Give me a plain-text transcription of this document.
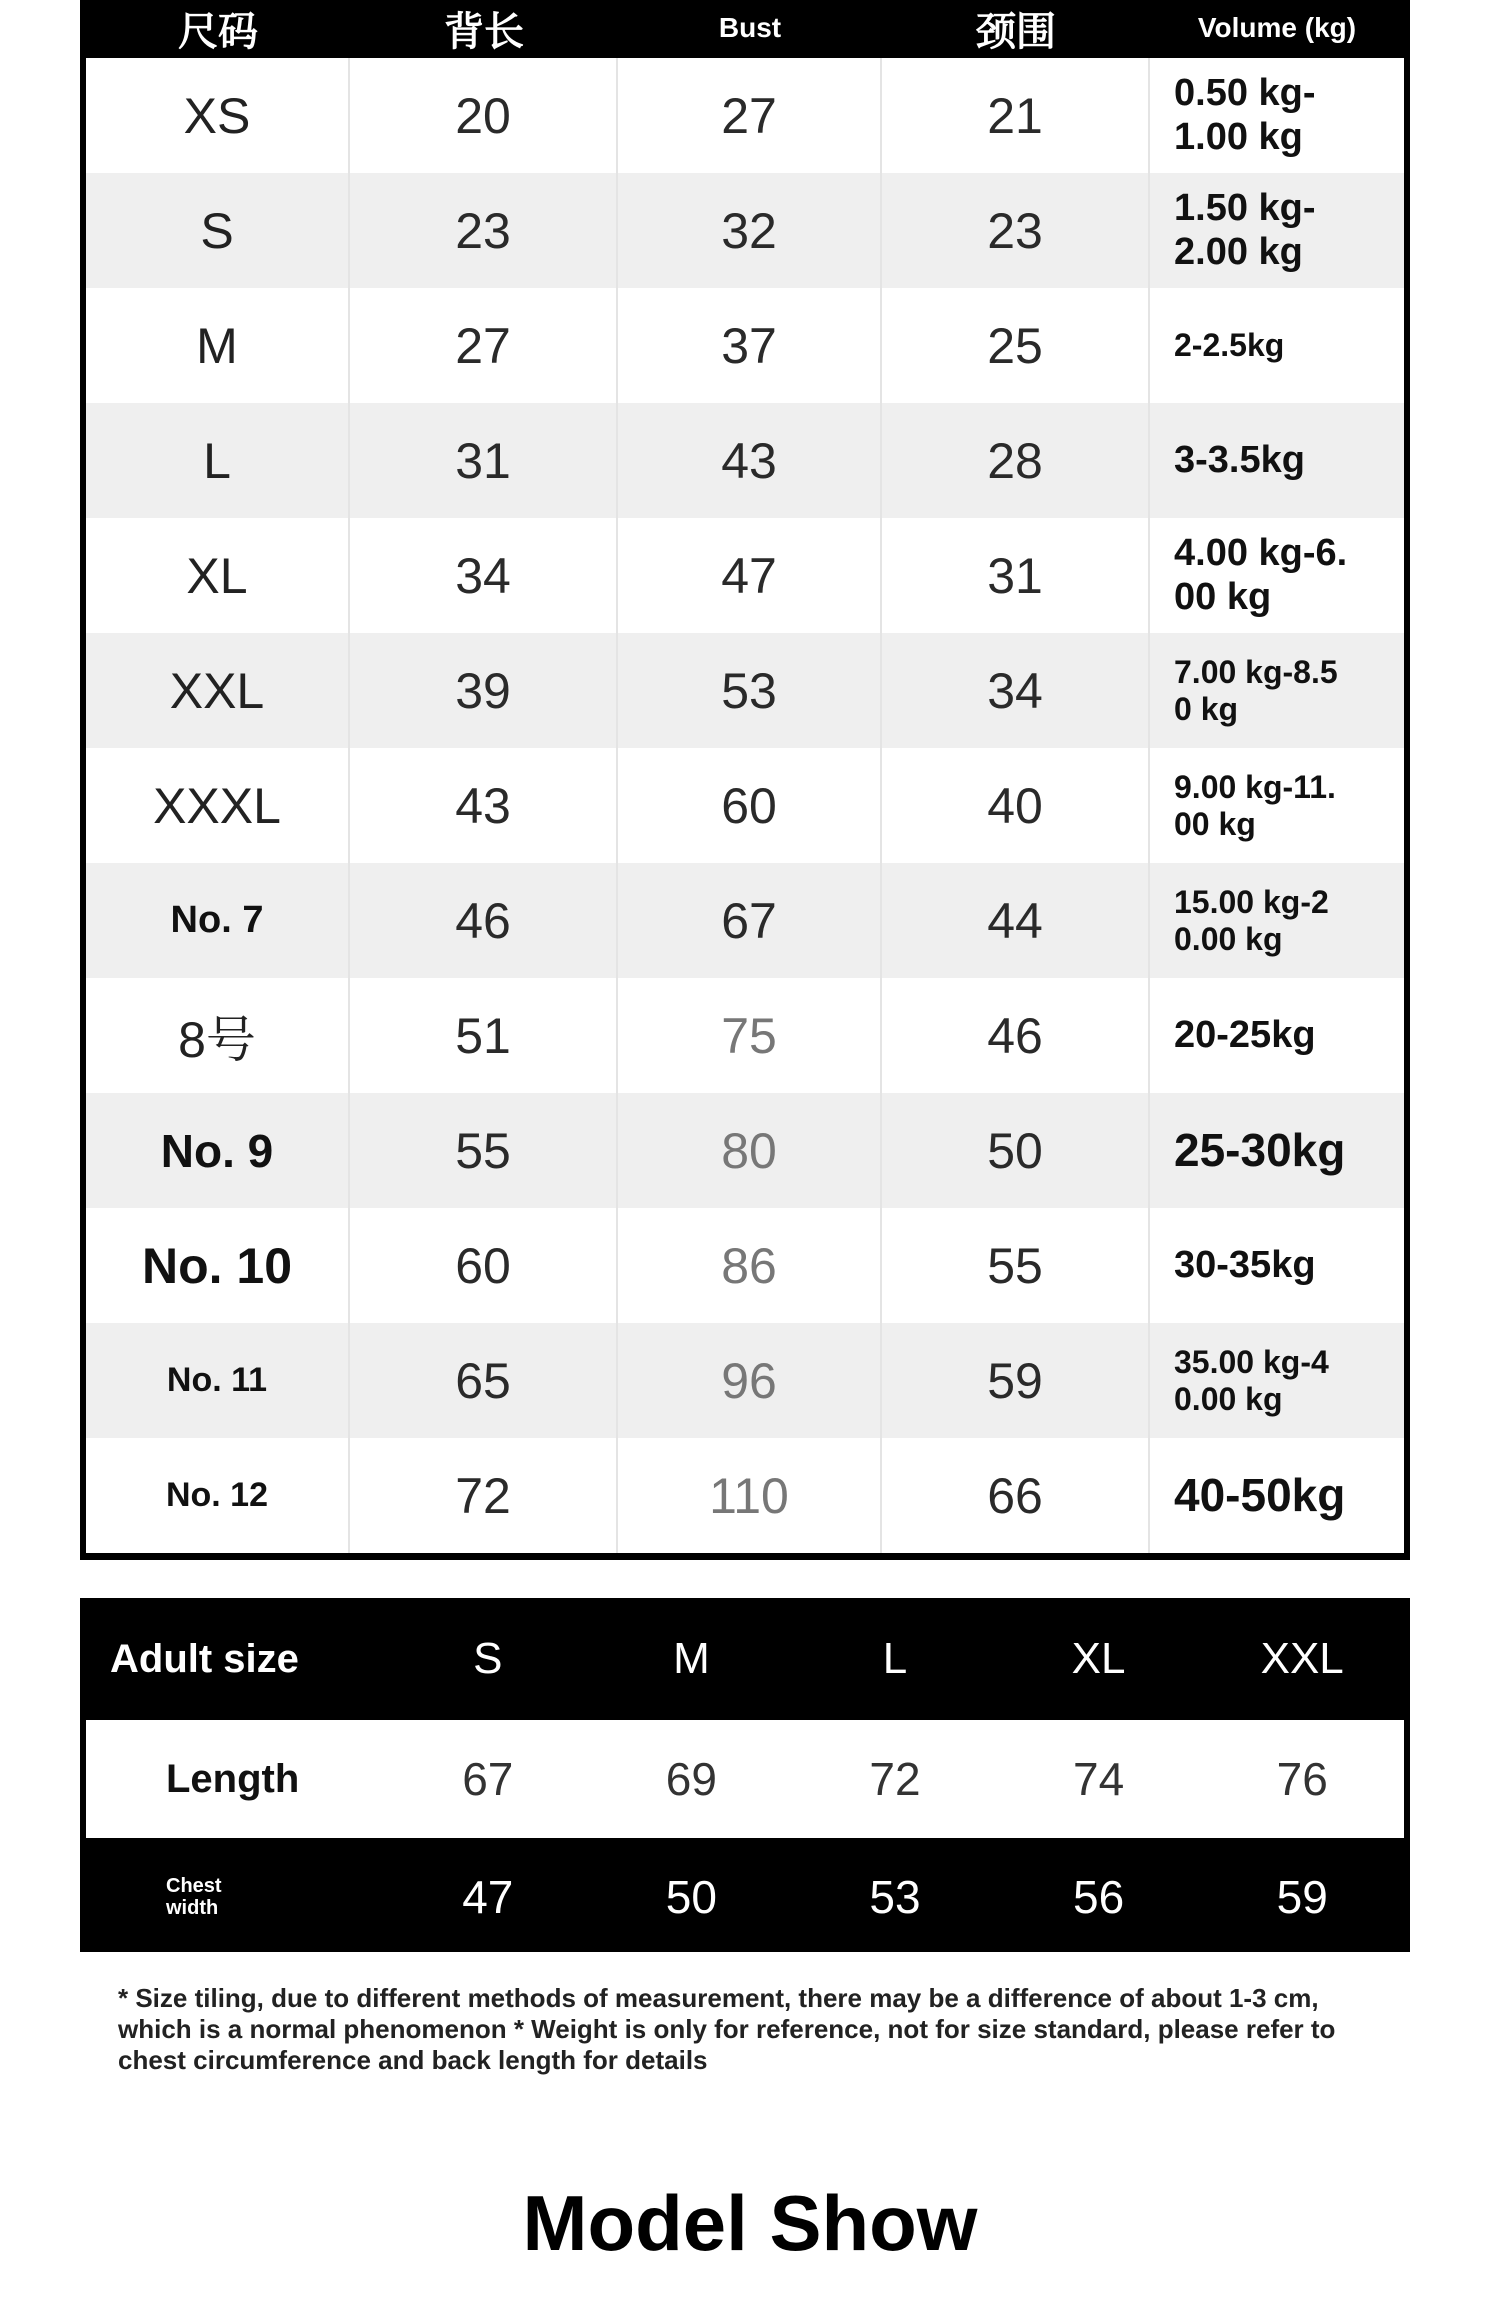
尺码	背长	Bust	颈围	Volume (kg)
XS	20	27	21	0.50 kg-
1.00 kg
S	23	32	23	1.50 kg-
2.00 kg
M	27	37	25	2-2.5kg
L	31	43	28	3-3.5kg
XL	34	47	31	4.00 kg-6.
00 kg
XXL	39	53	34	7.00 kg-8.5
0 kg
XXXL	43	60	40	9.00 kg-11.
00 kg
No. 7	46	67	44	15.00 kg-2
0.00 kg
8号	51	75	46	20-25kg
No. 9	55	80	50	25-30kg
No. 10	60	86	55	30-35kg
No. 11	65	96	59	35.00 kg-4
0.00 kg
No. 12	72	110	66	40-50kg
Adult size	S	M	L	XL	XXL
Length	67	69	72	74	76
Chest width	47	50	53	56	59
* Size tiling, due to different methods of measurement, there may be a difference of about 1-3 cm, which is a normal phenomenon * Weight is only for reference, not for size standard, please refer to chest circumference and back length for details
Model Show
